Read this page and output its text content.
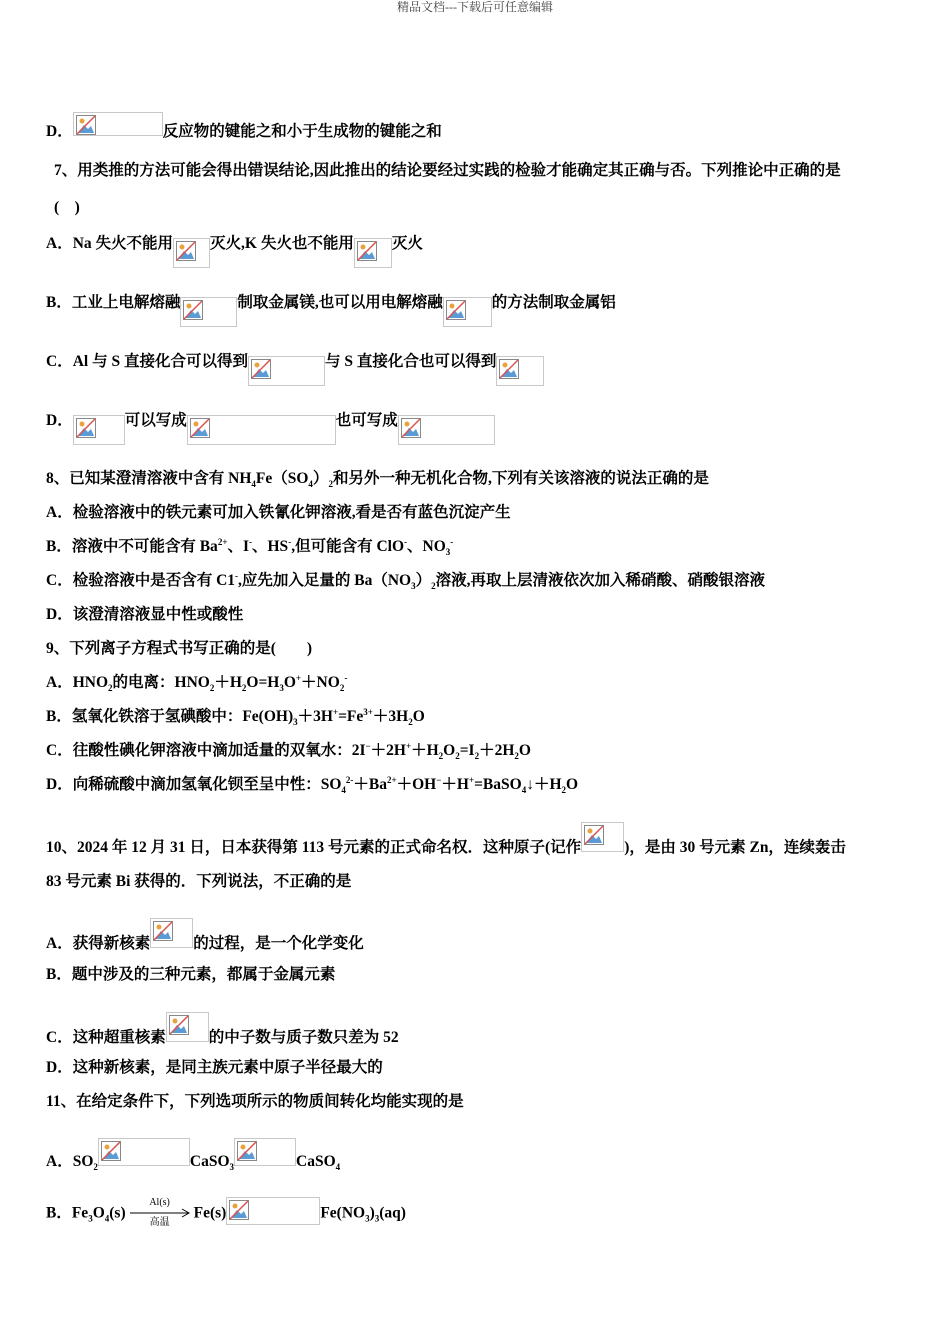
精品文档---下载后可任意编辑
D．	反应物的键能之和小于生成物的键能之和
7、用类推的方法可能会得出错误结论,因此推出的结论要经过实践的检验才能确定其正确与否。下列推论中正确的是
(　)
A．Na 失火不能用 灭火,K 失火也不能用 灭火
B．工业上电解熔融	制取金属镁,也可以用电解熔融	的方法制取金属铝
C．Al 与 S 直接化合可以得到	与 S 直接化合也可以得到
D．	可以写成	也可写成
8、已知某澄清溶液中含有 $NH_4Fe(SO_4)_2$和另外一种无机化合物,下列有关该溶液的说法正确的是
A．检验溶液中的铁元素可加入铁氰化钾溶液,看是否有蓝色沉淀产生
B．溶液中不可能含有 $Ba^{2+}$、I-、HS-,但可能含有 ClO-、$NO_3^-$
C．检验溶液中是否含有 C1-,应先加入足量的 $Ba(NO_3)_2$溶液,再取上层清液依次加入稀硝酸、硝酸银溶液
D．该澄清溶液显中性或酸性
9、下列离子方程式书写正确的是(　　)
A．$HNO_2$的电离：$HNO_2+H_2O=H_3O^++NO_2^-$
B．氢氧化铁溶于氢碘酸中：$Fe(OH)_3+3H^+=Fe^{3+}+3H_2O$
C．往酸性碘化钾溶液中滴加适量的双氧水：$2I^-+2H^++H_2O_2=I_2+2H_2O$
D．向稀硫酸中滴加氢氧化钡至呈中性：$SO_4^{2-}+Ba^{2+}+OH^-+H^+=BaSO_4↓+H_2O$
10、2024 年 12 月 31 日，日本获得第 113 号元素的正式命名权．这种原子(记作	)，是由 30 号元素 Zn，连续轰击
83 号元素 Bi 获得的．下列说法，不正确的是
A．获得新核素	的过程，是一个化学变化
B．题中涉及的三种元素，都属于金属元素
C．这种超重核素	的中子数与质子数只差为 52
D．这种新核素，是同主族元素中原子半径最大的
11、在给定条件下，下列选项所示的物质间转化均能实现的是
A．$SO_2$	CaSO$_3$	CaSO$_4$
B．$Fe_3O_4(s)$
Al(s)
高温
Fe(s)	$Fe(NO_3)_3(aq)$
